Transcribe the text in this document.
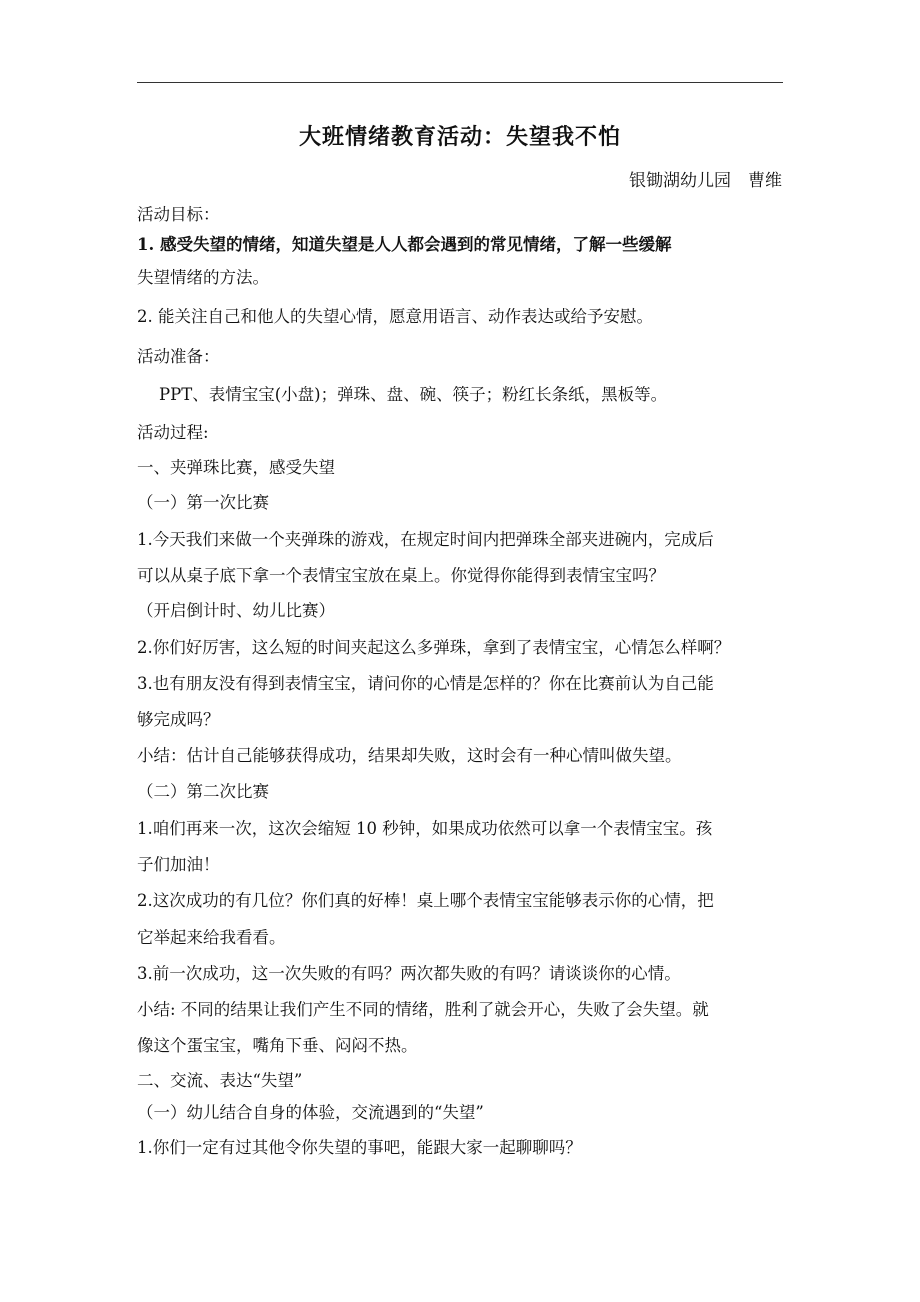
大班情绪教育活动：失望我不怕
银锄湖幼儿园　曹维
活动目标：
1. 感受失望的情绪，知道失望是人人都会遇到的常见情绪，了解一些缓解
失望情绪的方法。
2. 能关注自己和他人的失望心情，愿意用语言、动作表达或给予安慰。
活动准备：
PPT、表情宝宝(小盘)；弹珠、盘、碗、筷子；粉红长条纸，黑板等。
活动过程:
一、夹弹珠比赛，感受失望
（一）第一次比赛
1.今天我们来做一个夹弹珠的游戏，在规定时间内把弹珠全部夹进碗内，完成后
可以从桌子底下拿一个表情宝宝放在桌上。你觉得你能得到表情宝宝吗？
（开启倒计时、幼儿比赛）
2.你们好厉害，这么短的时间夹起这么多弹珠，拿到了表情宝宝，心情怎么样啊？
3.也有朋友没有得到表情宝宝，请问你的心情是怎样的？你在比赛前认为自己能
够完成吗？
小结：估计自己能够获得成功，结果却失败，这时会有一种心情叫做失望。
（二）第二次比赛
1.咱们再来一次，这次会缩短 10 秒钟，如果成功依然可以拿一个表情宝宝。孩
子们加油！
2.这次成功的有几位？你们真的好棒！桌上哪个表情宝宝能够表示你的心情，把
它举起来给我看看。
3.前一次成功，这一次失败的有吗？两次都失败的有吗？请谈谈你的心情。
小结: 不同的结果让我们产生不同的情绪，胜利了就会开心，失败了会失望。就
像这个蛋宝宝，嘴角下垂、闷闷不热。
二、交流、表达“失望”
（一）幼儿结合自身的体验，交流遇到的“失望”
1.你们一定有过其他令你失望的事吧，能跟大家一起聊聊吗？
